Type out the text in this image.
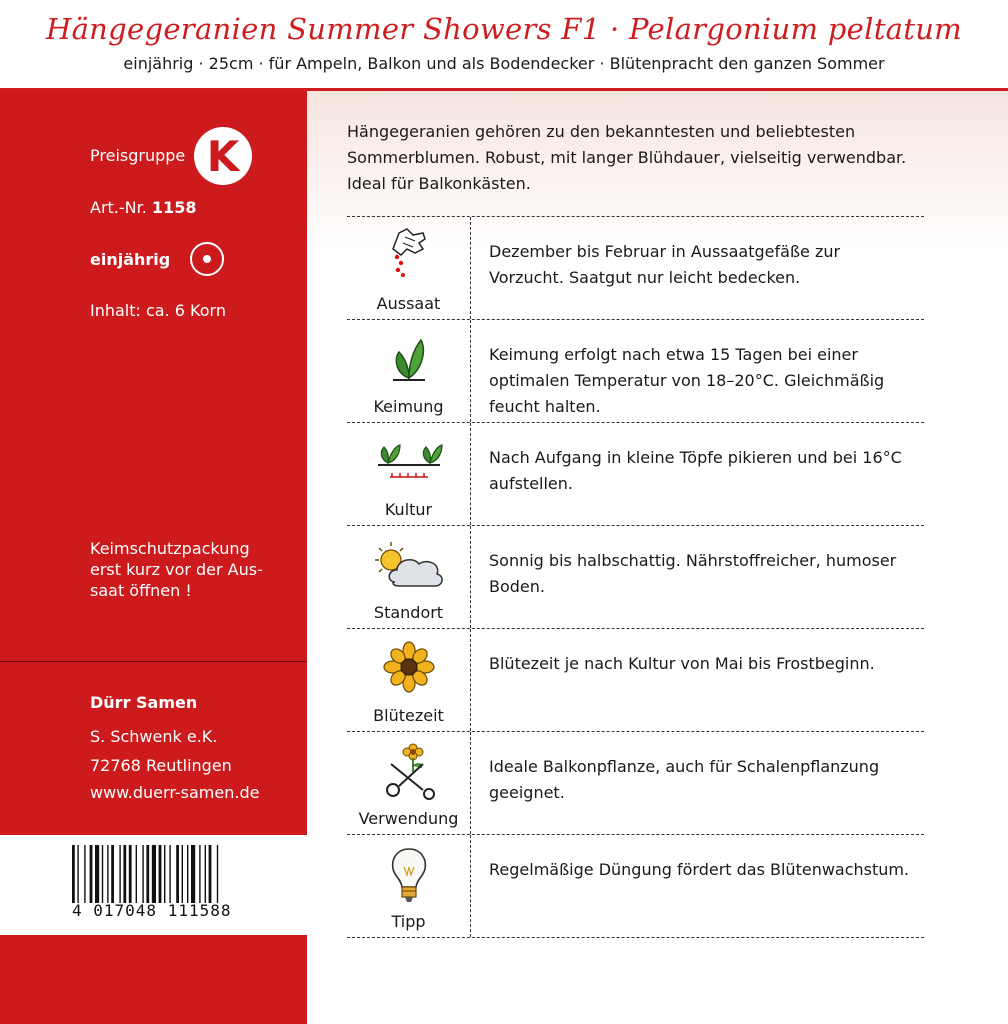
Hängegeranien Summer Showers F1 · Pelargonium peltatum
einjährig · 25cm · für Ampeln, Balkon und als Bodendecker · Blütenpracht den ganzen Sommer
Preisgruppe K
Art.-Nr. 1158
einjährig
Inhalt: ca. 6 Korn
Keimschutzpackung erst kurz vor der Aussaat öffnen !
Dürr Samen
S. Schwenk e.K.
72768 Reutlingen
www.duerr-samen.de
4 017048 111588
Hängegeranien gehören zu den bekanntesten und beliebtesten Sommerblumen. Robust, mit langer Blühdauer, vielseitig verwendbar. Ideal für Balkonkästen.
Aussaat
Dezember bis Februar in Aussaatgefäße zur Vorzucht. Saatgut nur leicht bedecken.
Keimung
Keimung erfolgt nach etwa 15 Tagen bei einer optimalen Temperatur von 18–20°C. Gleichmäßig feucht halten.
Kultur
Nach Aufgang in kleine Töpfe pikieren und bei 16°C aufstellen.
Standort
Sonnig bis halbschattig. Nährstoffreicher, humoser Boden.
Blütezeit
Blütezeit je nach Kultur von Mai bis Frostbeginn.
Verwendung
Ideale Balkonpflanze, auch für Schalenpflanzung geeignet.
Tipp
Regelmäßige Düngung fördert das Blütenwachstum.
